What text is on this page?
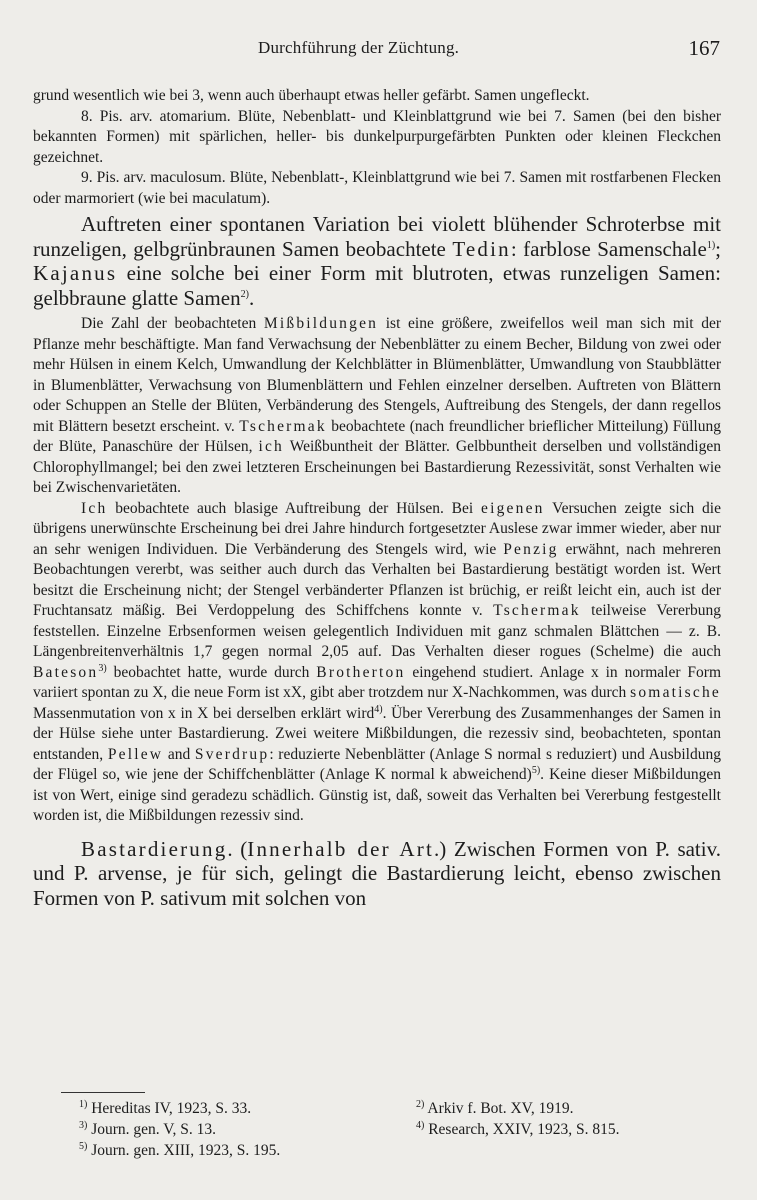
Durchführung der Züchtung.	167

grund wesentlich wie bei 3, wenn auch überhaupt etwas heller gefärbt. Samen ungefleckt.

8. Pis. arv. atomarium. Blüte, Nebenblatt- und Kleinblattgrund wie bei 7. Samen (bei den bisher bekannten Formen) mit spärlichen, heller- bis dunkelpurpurgefärbten Punkten oder kleinen Fleckchen gezeichnet.

9. Pis. arv. maculosum. Blüte, Nebenblatt-, Kleinblattgrund wie bei 7. Samen mit rostfarbenen Flecken oder marmoriert (wie bei maculatum).

Auftreten einer spontanen Variation bei violett blühender Schroterbse mit runzeligen, gelbgrünbraunen Samen beobachtete Tedin: farblose Samenschale$^{1)}$; Kajanus eine solche bei einer Form mit blutroten, etwas runzeligen Samen: gelbbraune glatte Samen$^{2)}$.

Die Zahl der beobachteten Mißbildungen ist eine größere, zweifellos weil man sich mit der Pflanze mehr beschäftigte. Man fand Verwachsung der Nebenblätter zu einem Becher, Bildung von zwei oder mehr Hülsen in einem Kelch, Umwandlung der Kelchblätter in Blümenblätter, Umwandlung von Staubblätter in Blumenblätter, Verwachsung von Blumenblättern und Fehlen einzelner derselben. Auftreten von Blättern oder Schuppen an Stelle der Blüten, Verbänderung des Stengels, Auftreibung des Stengels, der dann regellos mit Blättern besetzt erscheint. v. Tschermak beobachtete (nach freundlicher brieflicher Mitteilung) Füllung der Blüte, Panaschüre der Hülsen, ich Weißbuntheit der Blätter. Gelbbuntheit derselben und vollständigen Chlorophyllmangel; bei den zwei letzteren Erscheinungen bei Bastardierung Rezessivität, sonst Verhalten wie bei Zwischenvarietäten.

Ich beobachtete auch blasige Auftreibung der Hülsen. Bei eigenen Versuchen zeigte sich die übrigens unerwünschte Erscheinung bei drei Jahre hindurch fortgesetzter Auslese zwar immer wieder, aber nur an sehr wenigen Individuen. Die Verbänderung des Stengels wird, wie Penzig erwähnt, nach mehreren Beobachtungen vererbt, was seither auch durch das Verhalten bei Bastardierung bestätigt worden ist. Wert besitzt die Erscheinung nicht; der Stengel verbänderter Pflanzen ist brüchig, er reißt leicht ein, auch ist der Fruchtansatz mäßig. Bei Verdoppelung des Schiffchens konnte v. Tschermak teilweise Vererbung feststellen. Einzelne Erbsenformen weisen gelegentlich Individuen mit ganz schmalen Blättchen — z. B. Längenbreitenverhältnis 1,7 gegen normal 2,05 auf. Das Verhalten dieser rogues (Schelme) die auch Bateson$^{3)}$ beobachtet hatte, wurde durch Brotherton eingehend studiert. Anlage x in normaler Form variiert spontan zu X, die neue Form ist xX, gibt aber trotzdem nur X-Nachkommen, was durch somatische Massenmutation von x in X bei derselben erklärt wird$^{4)}$. Über Vererbung des Zusammenhanges der Samen in der Hülse siehe unter Bastardierung. Zwei weitere Mißbildungen, die rezessiv sind, beobachteten, spontan entstanden, Pellew and Sverdrup: reduzierte Nebenblätter (Anlage S normal s reduziert) und Ausbildung der Flügel so, wie jene der Schiffchenblätter (Anlage K normal k abweichend)$^{5)}$. Keine dieser Mißbildungen ist von Wert, einige sind geradezu schädlich. Günstig ist, daß, soweit das Verhalten bei Vererbung festgestellt worden ist, die Mißbildungen rezessiv sind.

Bastardierung. (Innerhalb der Art.) Zwischen Formen von P. sativ. und P. arvense, je für sich, gelingt die Bastardierung leicht, ebenso zwischen Formen von P. sativum mit solchen von

$^{1)}$ Hereditas IV, 1923, S. 33.	$^{2)}$ Arkiv f. Bot. XV, 1919.
$^{3)}$ Journ. gen. V, S. 13.	$^{4)}$ Research, XXIV, 1923, S. 815.
$^{5)}$ Journ. gen. XIII, 1923, S. 195.
